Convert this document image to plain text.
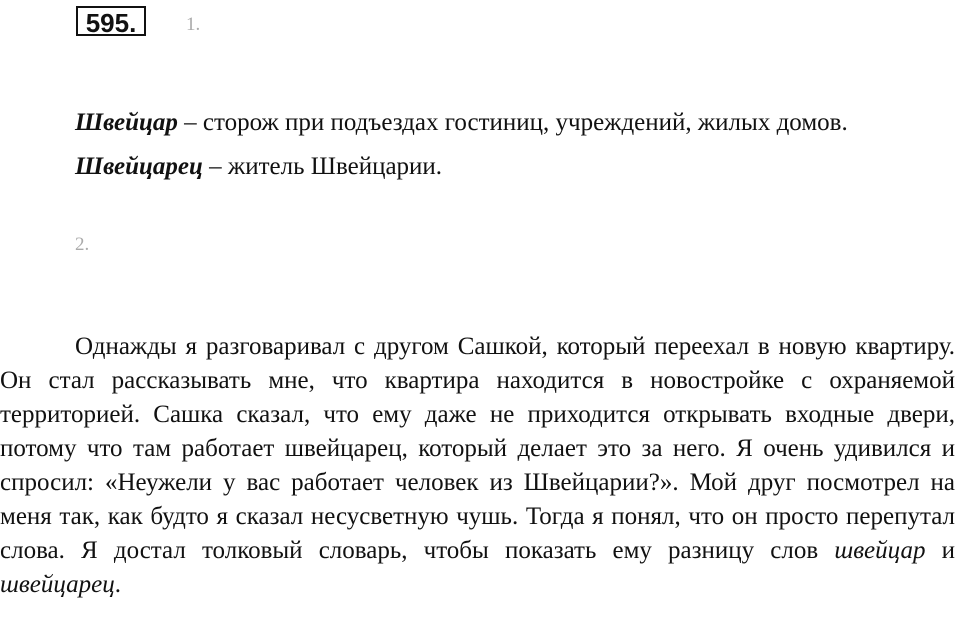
595.	1.

Швейцар – сторож при подъездах гостиниц, учреждений, жилых домов.

Швейцарец – житель Швейцарии.

2.

Однажды я разговаривал с другом Сашкой, который переехал в новую квартиру. Он стал рассказывать мне, что квартира находится в новостройке с охраняемой территорией. Сашка сказал, что ему даже не приходится открывать входные двери, потому что там работает швейцарец, который делает это за него. Я очень удивился и спросил: «Неужели у вас работает человек из Швейцарии?». Мой друг посмотрел на меня так, как будто я сказал несусветную чушь. Тогда я понял, что он просто перепутал слова. Я достал толковый словарь, чтобы показать ему разницу слов швейцар и швейцарец.
